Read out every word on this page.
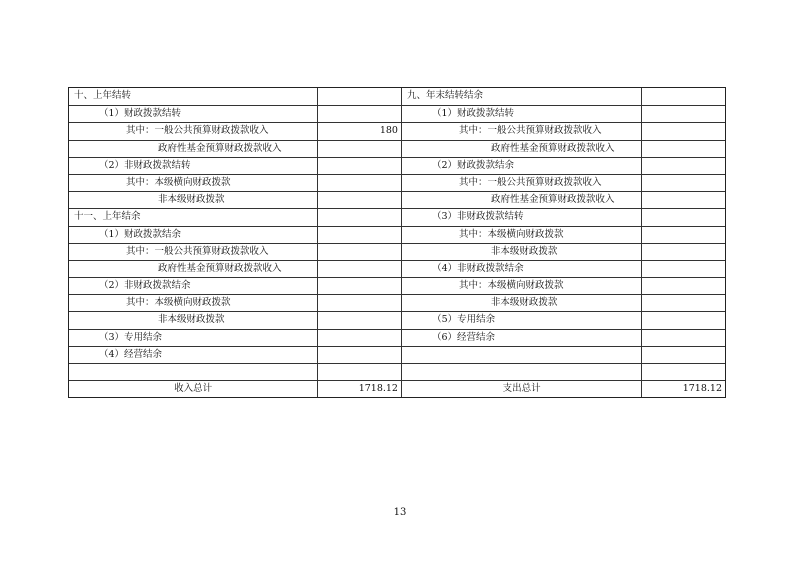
十、上年结转	九、年末结转结余
（1）财政拨款结转	（1）财政拨款结转
其中：一般公共预算财政拨款收入	180	其中：一般公共预算财政拨款收入
政府性基金预算财政拨款收入	政府性基金预算财政拨款收入
（2）非财政拨款结转	（2）财政拨款结余
其中：本级横向财政拨款	其中：一般公共预算财政拨款收入
非本级财政拨款	政府性基金预算财政拨款收入
十一、上年结余	（3）非财政拨款结转
（1）财政拨款结余	其中：本级横向财政拨款
其中：一般公共预算财政拨款收入	非本级财政拨款
政府性基金预算财政拨款收入	（4）非财政拨款结余
（2）非财政拨款结余	其中：本级横向财政拨款
其中：本级横向财政拨款	非本级财政拨款
非本级财政拨款	（5）专用结余
（3）专用结余	（6）经营结余
（4）经营结余
收入总计	1718.12	支出总计	1718.12
13
